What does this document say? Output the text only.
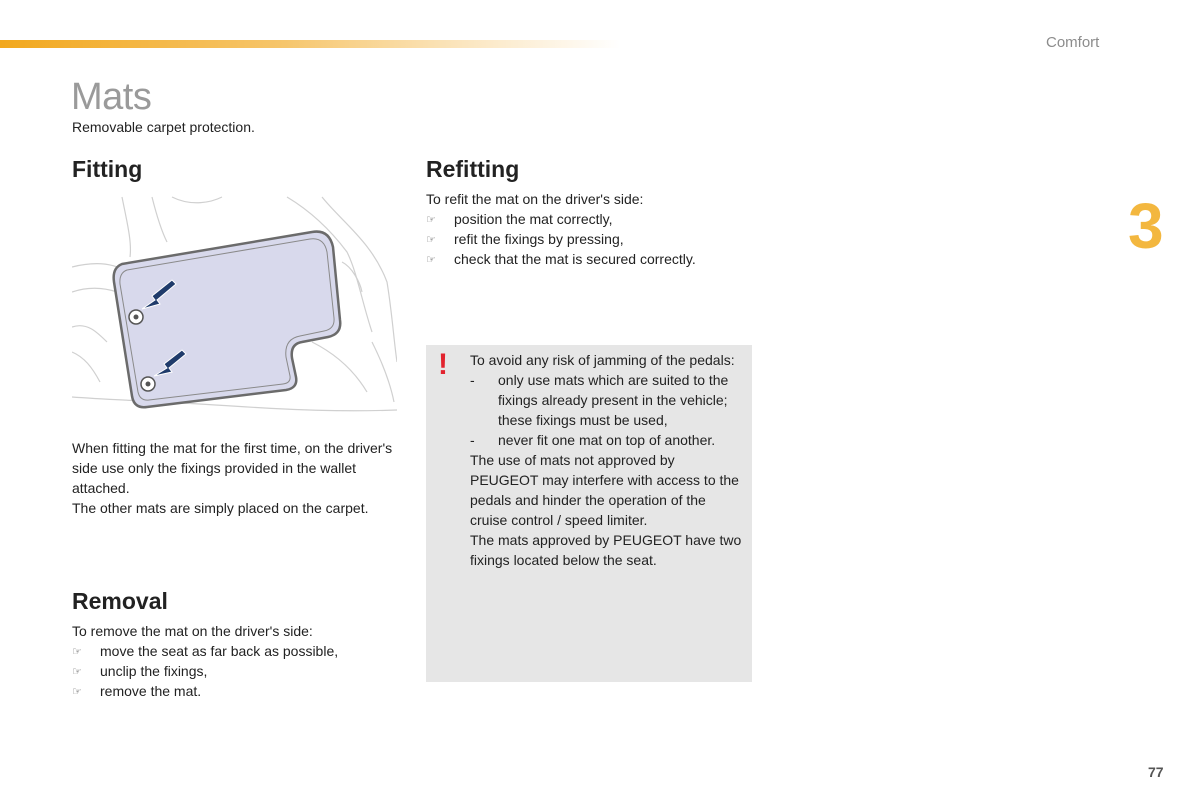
Comfort
3
Mats
Removable carpet protection.
Fitting

When fitting the mat for the first time, on the driver's side use only the fixings provided in the wallet attached.

The other mats are simply placed on the carpet.

Removal

To remove the mat on the driver's side:

☞ move the seat as far back as possible,
☞ unclip the fixings,
☞ remove the mat.
Refitting

To refit the mat on the driver's side:

☞ position the mat correctly,
☞ refit the fixings by pressing,
☞ check that the mat is secured correctly.
! To avoid any risk of jamming of the pedals:

- only use mats which are suited to the fixings already present in the vehicle; these fixings must be used,
- never fit one mat on top of another.

The use of mats not approved by PEUGEOT may interfere with access to the pedals and hinder the operation of the cruise control / speed limiter.

The mats approved by PEUGEOT have two fixings located below the seat.

77
